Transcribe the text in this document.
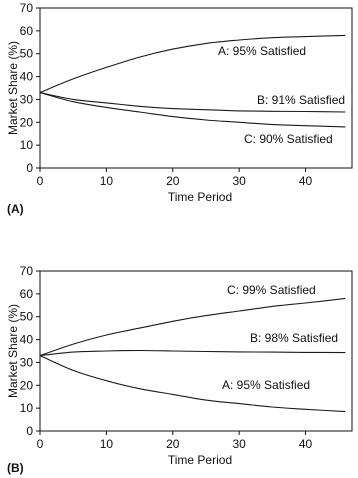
0
10
20
30
40
50
60
70
0	10	20	30	40
A: 95% Satisfied
B: 91% Satisfied
C: 90% Satisfied
Market Share (%)
Time Period
(A)
0
10
20
30
40
50
60
70
0	10	20	30	40
C: 99% Satisfied
B: 98% Satisfied
A: 95% Satisfied
Market Share (%)
Time Period
(B)
